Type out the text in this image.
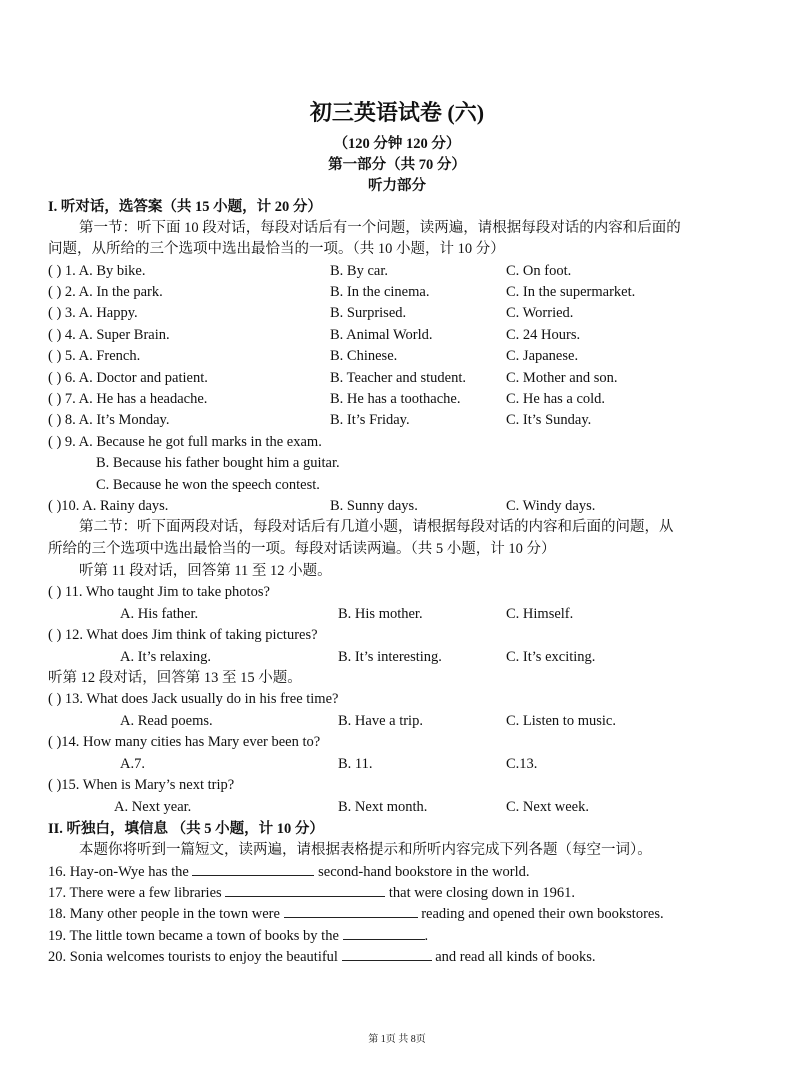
初三英语试卷 (六)
（120 分钟 120 分）
第一部分（共 70 分）
听力部分
I. 听对话，选答案（共 15 小题，计 20 分）
第一节：听下面 10 段对话，每段对话后有一个问题，读两遍，请根据每段对话的内容和后面的
问题，从所给的三个选项中选出最恰当的一项。（共 10 小题，计 10 分）
( ) 1. A. By bike.	B. By car.	C. On foot.
( ) 2. A. In the park.	B. In the cinema.	C. In the supermarket.
( ) 3. A. Happy.	B. Surprised.	C. Worried.
( ) 4. A. Super Brain.	B. Animal World.	C. 24 Hours.
( ) 5. A. French.	B. Chinese.	C. Japanese.
( ) 6. A. Doctor and patient.	B. Teacher and student.	C. Mother and son.
( ) 7. A. He has a headache.	B. He has a toothache.	C. He has a cold.
( ) 8. A. It’s Monday.	B. It’s Friday.	C. It’s Sunday.
( ) 9. A. Because he got full marks in the exam.
B. Because his father bought him a guitar.
C. Because he won the speech contest.
( )10. A. Rainy days.	B. Sunny days.	C. Windy days.
第二节：听下面两段对话，每段对话后有几道小题，请根据每段对话的内容和后面的问题，从
所给的三个选项中选出最恰当的一项。每段对话读两遍。（共 5 小题，计 10 分）
听第 11 段对话，回答第 11 至 12 小题。
( ) 11. Who taught Jim to take photos?
A. His father.	B. His mother.	C. Himself.
( ) 12. What does Jim think of taking pictures?
A. It’s relaxing.	B. It’s interesting.	C. It’s exciting.
听第 12 段对话，回答第 13 至 15 小题。
( ) 13. What does Jack usually do in his free time?
A. Read poems.	B. Have a trip.	C. Listen to music.
( )14. How many cities has Mary ever been to?
A.7.	B. 11.	C.13.
( )15. When is Mary’s next trip?
A. Next year.	B. Next month.	C. Next week.
II. 听独白，填信息 （共 5 小题，计 10 分）
本题你将听到一篇短文，读两遍，请根据表格提示和所听内容完成下列各题（每空一词）。
16. Hay-on-Wye has the	second-hand bookstore in the world.
17. There were a few libraries	that were closing down in 1961.
18. Many other people in the town were	reading and opened their own bookstores.
19. The little town became a town of books by the	.
20. Sonia welcomes tourists to enjoy the beautiful	and read all kinds of books.
第 1页 共 8页
